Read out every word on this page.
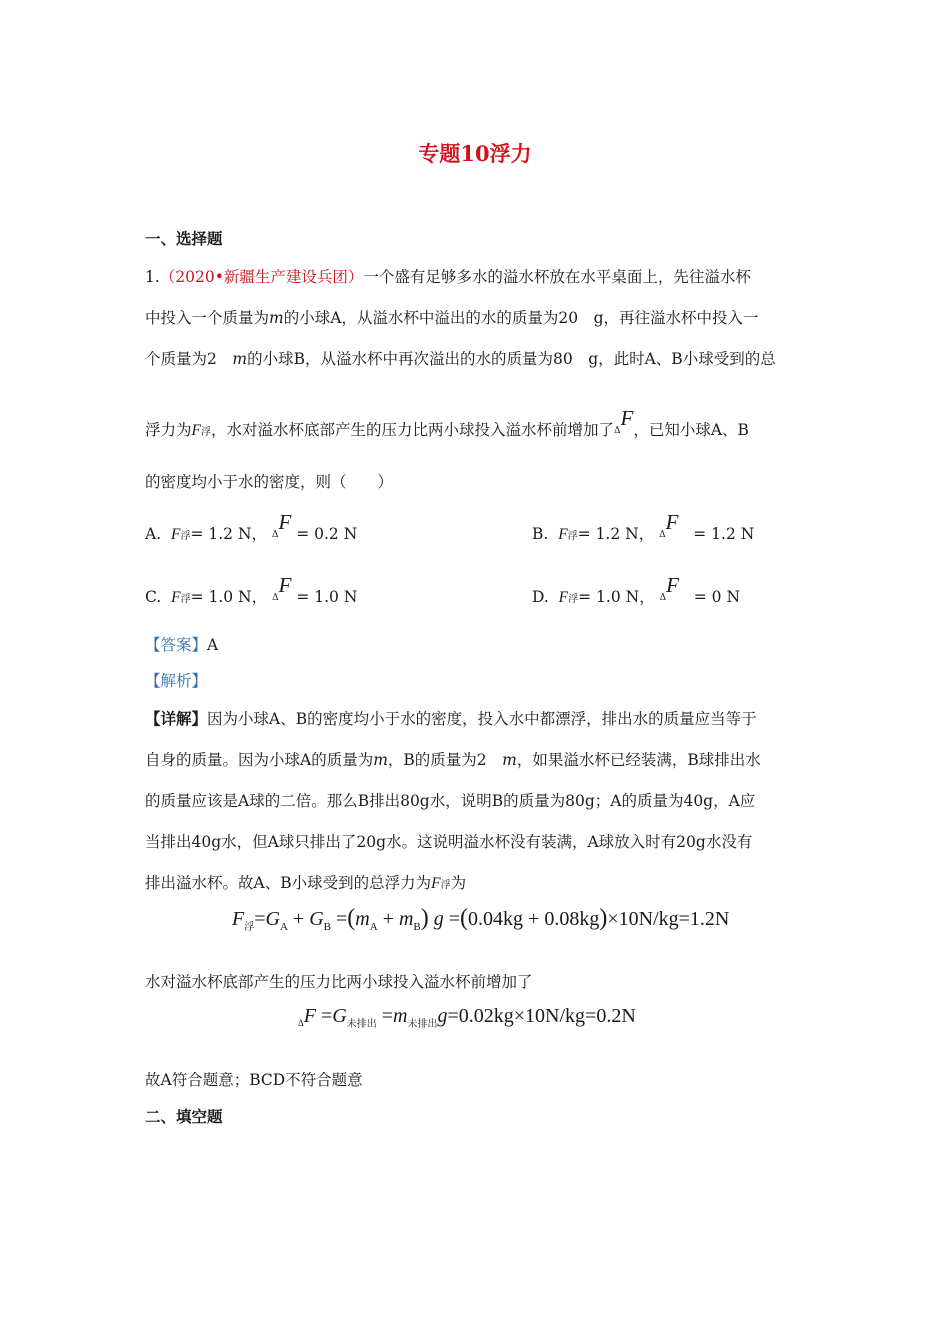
专题10浮力
一、选择题
1.（2020•新疆生产建设兵团）一个盛有足够多水的溢水杯放在水平桌面上，先往溢水杯
中投入一个质量为m的小球A，从溢水杯中溢出的水的质量为20　g，再往溢水杯中投入一
个质量为2　m的小球B，从溢水杯中再次溢出的水的质量为80　g，此时A、B小球受到的总
浮力为F浮，水对溢水杯底部产生的压力比两小球投入溢水杯前增加了ΔF，已知小球A、B
的密度均小于水的密度，则（　　）
A. F浮= 1.2 N， ΔF = 0.2 N	B. F浮= 1.2 N， ΔF = 1.2 N
C. F浮= 1.0 N， ΔF = 1.0 N	D. F浮= 1.0 N， ΔF = 0 N
【答案】A
【解析】
【详解】因为小球A、B的密度均小于水的密度，投入水中都漂浮，排出水的质量应当等于
自身的质量。因为小球A的质量为m，B的质量为2　m，如果溢水杯已经装满，B球排出水
的质量应该是A球的二倍。那么B排出80g水，说明B的质量为80g；A的质量为40g，A应
当排出40g水，但A球只排出了20g水。这说明溢水杯没有装满，A球放入时有20g水没有
排出溢水杯。故A、B小球受到的总浮力为F浮为
$F_浮=G_A + G_B =(m_A + m_B)$ g =(0.04kg + 0.08kg)×10N/kg=1.2N
水对溢水杯底部产生的压力比两小球投入溢水杯前增加了
$_\Delta F =G_{未排出} =m_{未排出}g=0.02kg\times 10N/kg=0.2N$
故A符合题意；BCD不符合题意
二、填空题
